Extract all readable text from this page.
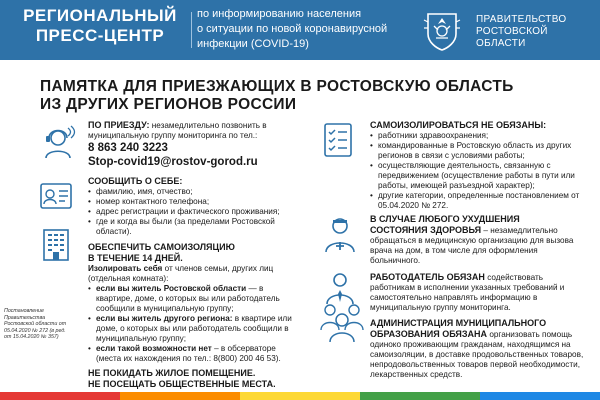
РЕГИОНАЛЬНЫЙ
ПРЕСС-ЦЕНТР
по информированию населения
о ситуации по новой коронавирусной
инфекции (COVID-19)
ПРАВИТЕЛЬСТВО
РОСТОВСКОЙ
ОБЛАСТИ
ПАМЯТКА ДЛЯ ПРИЕЗЖАЮЩИХ В РОСТОВСКУЮ ОБЛАСТЬ
ИЗ ДРУГИХ РЕГИОНОВ РОССИИ
ПО ПРИЕЗДУ: незамедлительно позвонить в муниципальную группу мониторинга по тел.:
8 863 240 3223
Stop-covid19@rostov-gorod.ru
СООБЩИТЬ О СЕБЕ:
• фамилию, имя, отчество;
• номер контактного телефона;
• адрес регистрации и фактического проживания;
• где и когда вы были (за пределами Ростовской области).
ОБЕСПЕЧИТЬ САМОИЗОЛЯЦИЮ
В ТЕЧЕНИЕ 14 ДНЕЙ.
Изолировать себя от членов семьи, других лиц (отдельная комната):
• если вы житель Ростовской области — в квартире, доме, о которых вы или работодатель сообщили в муниципальную группу;
• если вы житель другого региона: в квартире или доме, о которых вы или работодатель сообщили в муниципальную группу;
• если такой возможности нет – в обсерваторе (места их нахождения по тел.: 8(800) 200 46 53).
НЕ ПОКИДАТЬ ЖИЛОЕ ПОМЕЩЕНИЕ.
НЕ ПОСЕЩАТЬ ОБЩЕСТВЕННЫЕ МЕСТА.
Постановление Правительства Ростовской области от 05.04.2020 № 272 (в ред. от 15.04.2020 № 357)
САМОИЗОЛИРОВАТЬСЯ НЕ ОБЯЗАНЫ:
• работники здравоохранения;
• командированные в Ростовскую область из других регионов в связи с условиями работы;
• осуществляющие деятельность, связанную с передвижением (осуществление работы в пути или работы, имеющей разъездной характер);
• другие категории, определенные постановлением от 05.04.2020 № 272.
В СЛУЧАЕ ЛЮБОГО УХУДШЕНИЯ
СОСТОЯНИЯ ЗДОРОВЬЯ – незамедлительно обращаться в медицинскую организацию для вызова врача на дом, в том числе для оформления больничного.
РАБОТОДАТЕЛЬ ОБЯЗАН содействовать работникам в исполнении указанных требований и самостоятельно направлять информацию в муниципальную группу мониторинга.
АДМИНИСТРАЦИЯ МУНИЦИПАЛЬНОГО
ОБРАЗОВАНИЯ ОБЯЗАНА организовать помощь одиноко проживающим гражданам, находящимся на самоизоляции, в доставке продовольственных товаров, непродовольственных товаров первой необходимости, лекарственных средств.
